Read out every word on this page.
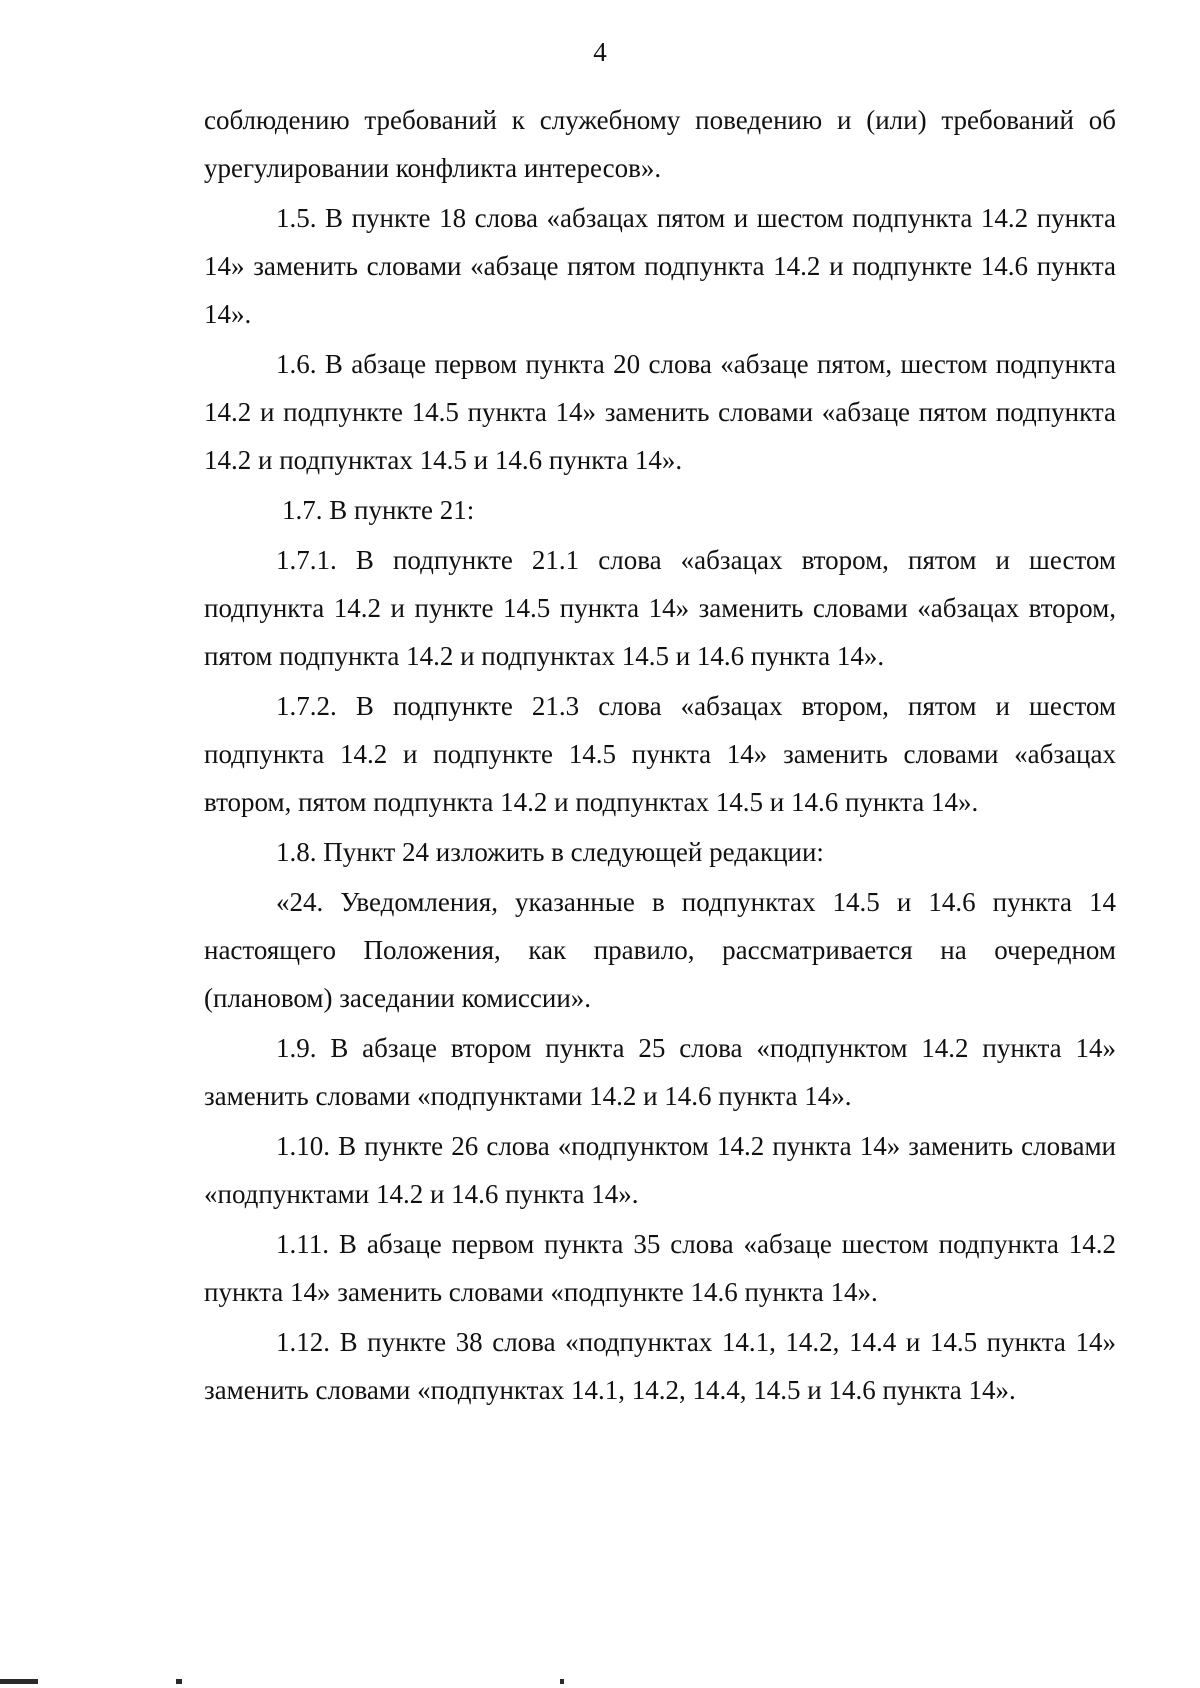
4

соблюдению требований к служебному поведению и (или) требований об урегулировании конфликта интересов».

1.5. В пункте 18 слова «абзацах пятом и шестом подпункта 14.2 пункта 14» заменить словами «абзаце пятом подпункта 14.2 и подпункте 14.6 пункта 14».

1.6. В абзаце первом пункта 20 слова «абзаце пятом, шестом подпункта 14.2 и подпункте 14.5 пункта 14» заменить словами «абзаце пятом подпункта 14.2 и подпунктах 14.5 и 14.6 пункта 14».

1.7. В пункте 21:

1.7.1. В подпункте 21.1 слова «абзацах втором, пятом и шестом подпункта 14.2 и пункте 14.5 пункта 14» заменить словами «абзацах втором, пятом подпункта 14.2 и подпунктах 14.5 и 14.6 пункта 14».

1.7.2. В подпункте 21.3 слова «абзацах втором, пятом и шестом подпункта 14.2 и подпункте 14.5 пункта 14» заменить словами «абзацах втором, пятом подпункта 14.2 и подпунктах 14.5 и 14.6 пункта 14».

1.8. Пункт 24 изложить в следующей редакции:

«24. Уведомления, указанные в подпунктах 14.5 и 14.6 пункта 14 настоящего Положения, как правило, рассматривается на очередном (плановом) заседании комиссии».

1.9. В абзаце втором пункта 25 слова «подпунктом 14.2 пункта 14» заменить словами «подпунктами 14.2 и 14.6 пункта 14».

1.10. В пункте 26 слова «подпунктом 14.2 пункта 14» заменить словами «подпунктами 14.2 и 14.6 пункта 14».

1.11. В абзаце первом пункта 35 слова «абзаце шестом подпункта 14.2 пункта 14» заменить словами «подпункте 14.6 пункта 14».

1.12. В пункте 38 слова «подпунктах 14.1, 14.2, 14.4 и 14.5 пункта 14» заменить словами «подпунктах 14.1, 14.2, 14.4, 14.5 и 14.6 пункта 14».
